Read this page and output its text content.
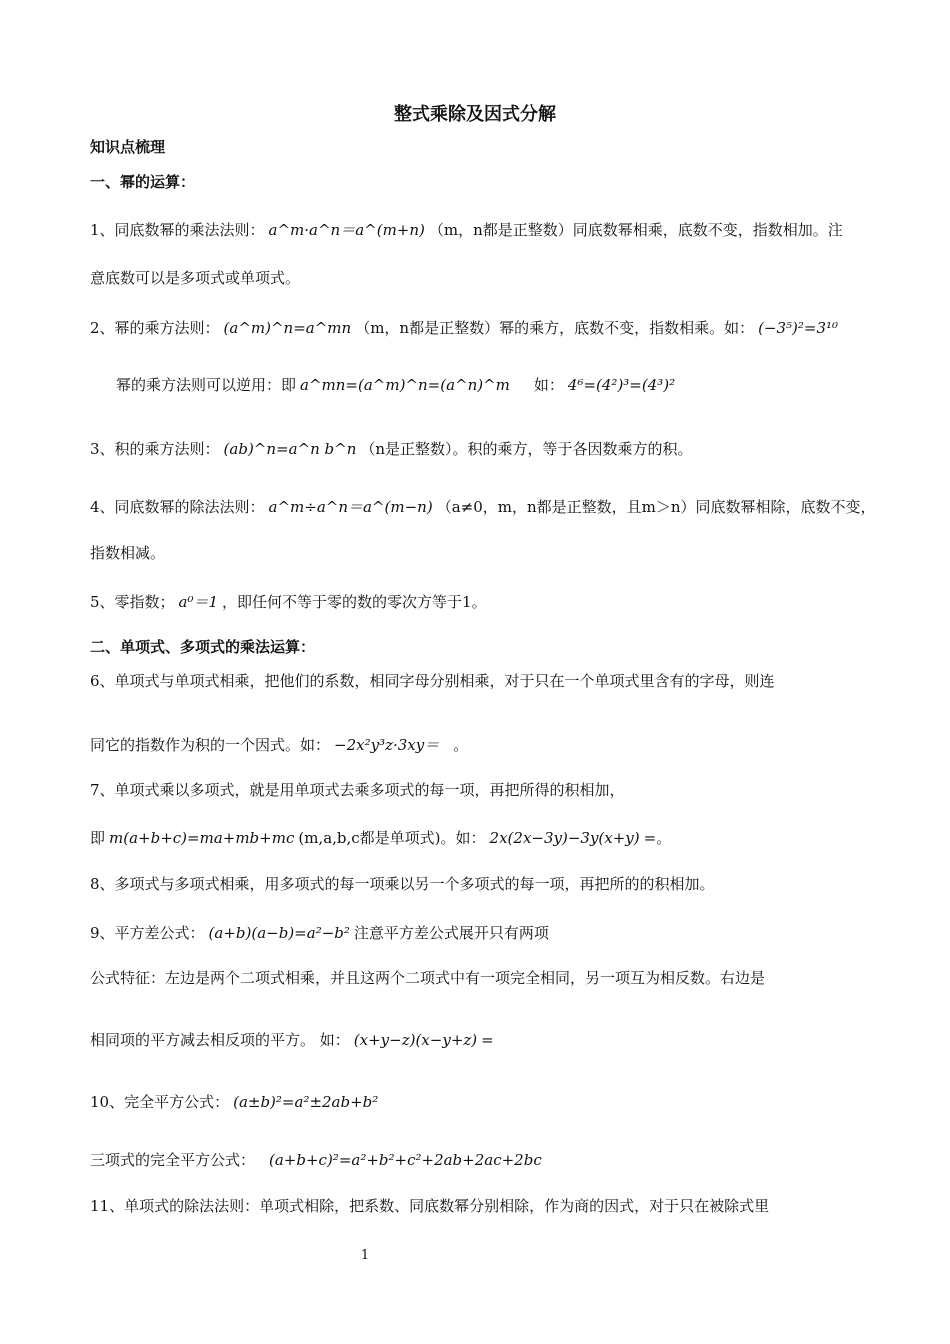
整式乘除及因式分解
知识点梳理
一、幂的运算：
1、同底数幂的乘法法则： a^m·a^n＝a^(m+n) （m，n都是正整数）同底数幂相乘，底数不变，指数相加。注
意底数可以是多项式或单项式。
2、幂的乘方法则： (a^m)^n=a^mn （m，n都是正整数）幂的乘方，底数不变，指数相乘。如： (−3⁵)²=3¹⁰
幂的乘方法则可以逆用：即 a^mn=(a^m)^n=(a^n)^m 如： 4⁶=(4²)³=(4³)²
3、积的乘方法则： (ab)^n=a^n b^n （n是正整数）。积的乘方，等于各因数乘方的积。
4、同底数幂的除法法则： a^m÷a^n＝a^(m−n) （a≠0，m，n都是正整数，且m＞n）同底数幂相除，底数不变，
指数相减。
5、零指数； a⁰＝1 ，即任何不等于零的数的零次方等于1。
二、单项式、多项式的乘法运算：
6、单项式与单项式相乘，把他们的系数，相同字母分别相乘，对于只在一个单项式里含有的字母，则连
同它的指数作为积的一个因式。如： −2x²y³z·3xy＝ 。
7、单项式乘以多项式，就是用单项式去乘多项式的每一项，再把所得的积相加，
即 m(a+b+c)=ma+mb+mc (m,a,b,c都是单项式)。如： 2x(2x−3y)−3y(x+y) =。
8、多项式与多项式相乘，用多项式的每一项乘以另一个多项式的每一项，再把所的的积相加。
9、平方差公式： (a+b)(a−b)=a²−b² 注意平方差公式展开只有两项
公式特征：左边是两个二项式相乘，并且这两个二项式中有一项完全相同，另一项互为相反数。右边是
相同项的平方减去相反项的平方。 如： (x+y−z)(x−y+z) =
10、完全平方公式： (a±b)²=a²±2ab+b²
三项式的完全平方公式： (a+b+c)²=a²+b²+c²+2ab+2ac+2bc
11、单项式的除法法则：单项式相除，把系数、同底数幂分别相除，作为商的因式，对于只在被除式里
1
